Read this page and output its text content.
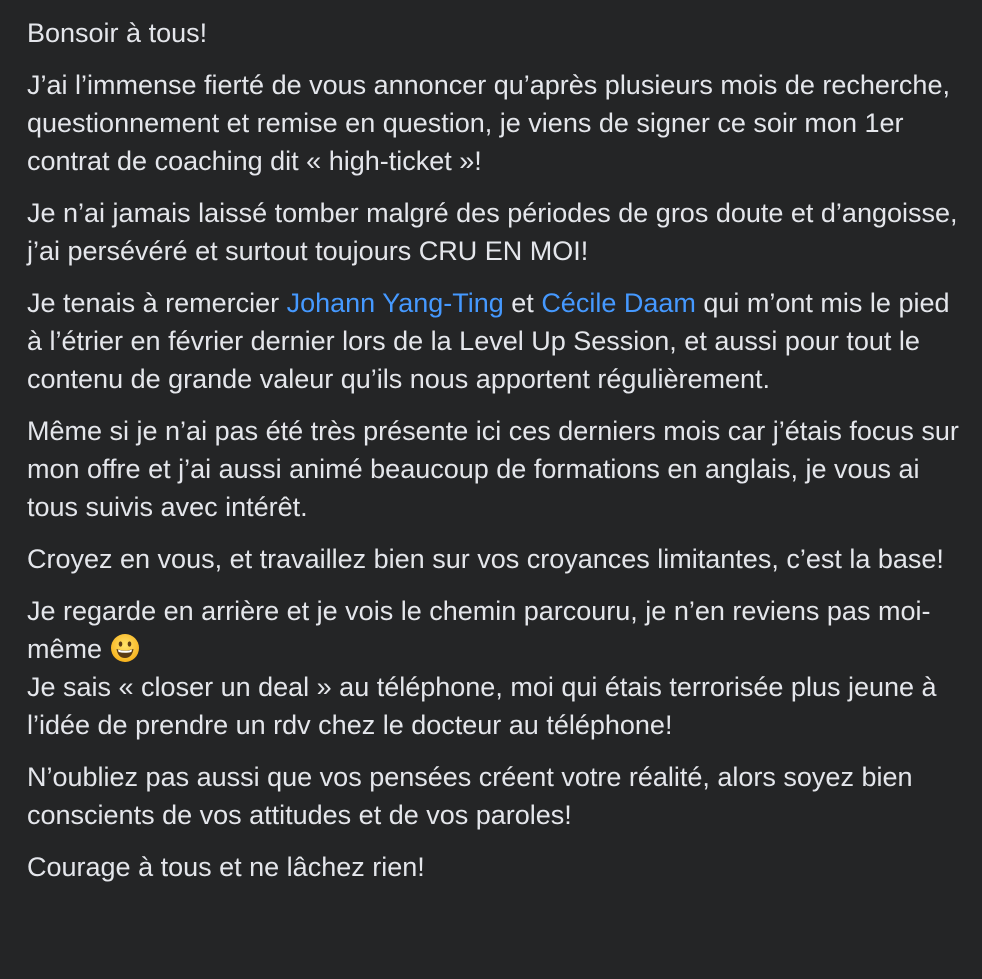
Bonsoir à tous!

J’ai l’immense fierté de vous annoncer qu’après plusieurs mois de recherche, questionnement et remise en question, je viens de signer ce soir mon 1er contrat de coaching dit « high-ticket »!

Je n’ai jamais laissé tomber malgré des périodes de gros doute et d’angoisse, j’ai persévéré et surtout toujours CRU EN MOI!

Je tenais à remercier Johann Yang-Ting et Cécile Daam qui m’ont mis le pied à l’étrier en février dernier lors de la Level Up Session, et aussi pour tout le contenu de grande valeur qu’ils nous apportent régulièrement.

Même si je n’ai pas été très présente ici ces derniers mois car j’étais focus sur mon offre et j’ai aussi animé beaucoup de formations en anglais, je vous ai tous suivis avec intérêt.

Croyez en vous, et travaillez bien sur vos croyances limitantes, c’est la base!

Je regarde en arrière et je vois le chemin parcouru, je n’en reviens pas moi-même
Je sais « closer un deal » au téléphone, moi qui étais terrorisée plus jeune à l’idée de prendre un rdv chez le docteur au téléphone!

N’oubliez pas aussi que vos pensées créent votre réalité, alors soyez bien conscients de vos attitudes et de vos paroles!

Courage à tous et ne lâchez rien!
